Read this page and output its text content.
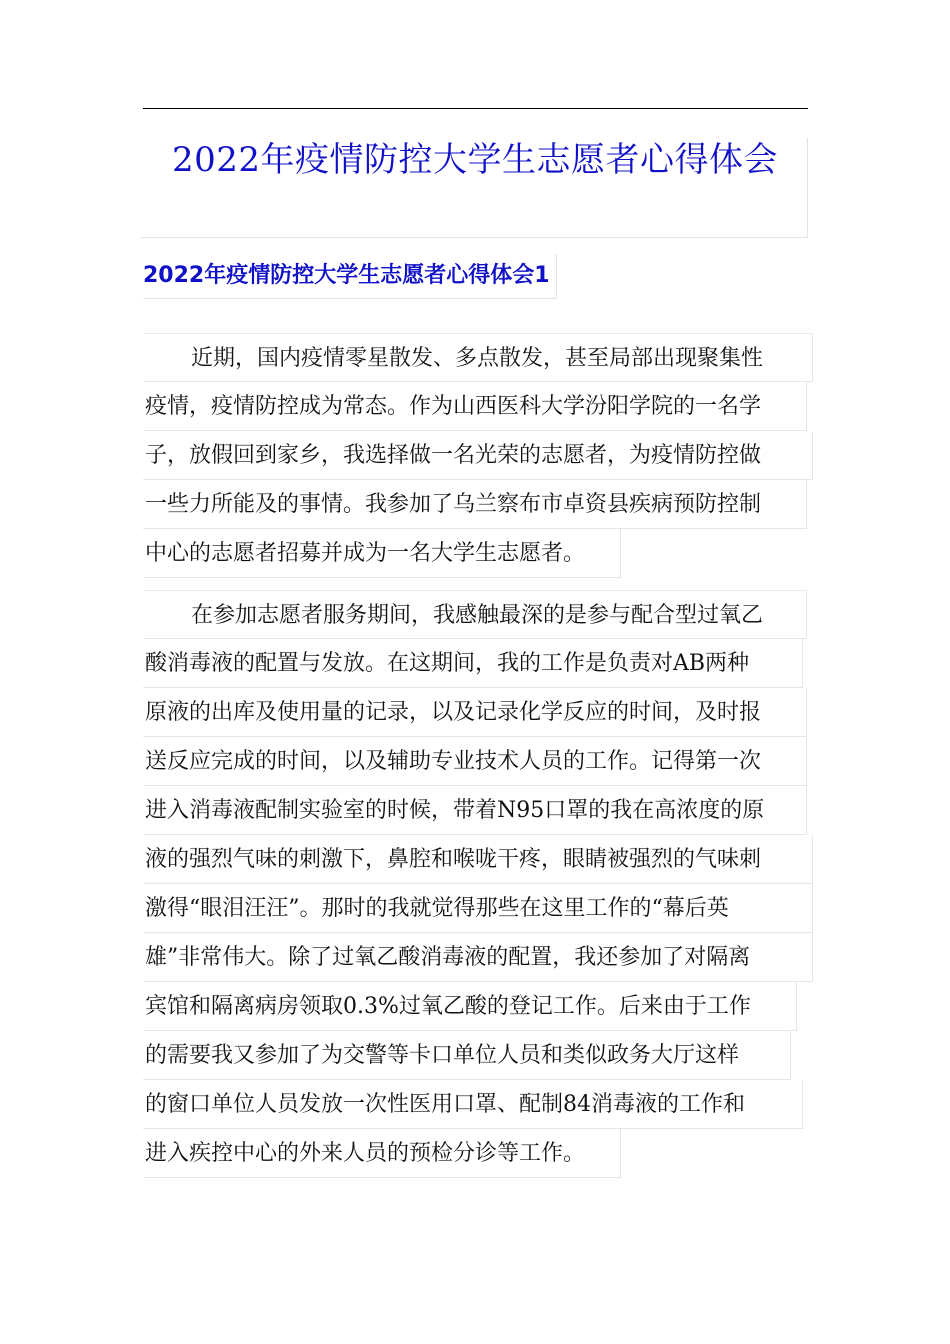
2022年疫情防控大学生志愿者心得体会
2022年疫情防控大学生志愿者心得体会1
近期，国内疫情零星散发、多点散发，甚至局部出现聚集性
疫情，疫情防控成为常态。作为山西医科大学汾阳学院的一名学
子，放假回到家乡，我选择做一名光荣的志愿者，为疫情防控做
一些力所能及的事情。我参加了乌兰察布市卓资县疾病预防控制
中心的志愿者招募并成为一名大学生志愿者。
在参加志愿者服务期间，我感触最深的是参与配合型过氧乙
酸消毒液的配置与发放。在这期间，我的工作是负责对AB两种
原液的出库及使用量的记录，以及记录化学反应的时间，及时报
送反应完成的时间，以及辅助专业技术人员的工作。记得第一次
进入消毒液配制实验室的时候，带着N95口罩的我在高浓度的原
液的强烈气味的刺激下，鼻腔和喉咙干疼，眼睛被强烈的气味刺
激得“眼泪汪汪”。那时的我就觉得那些在这里工作的“幕后英
雄”非常伟大。除了过氧乙酸消毒液的配置，我还参加了对隔离
宾馆和隔离病房领取0.3%过氧乙酸的登记工作。后来由于工作
的需要我又参加了为交警等卡口单位人员和类似政务大厅这样
的窗口单位人员发放一次性医用口罩、配制84消毒液的工作和
进入疾控中心的外来人员的预检分诊等工作。
